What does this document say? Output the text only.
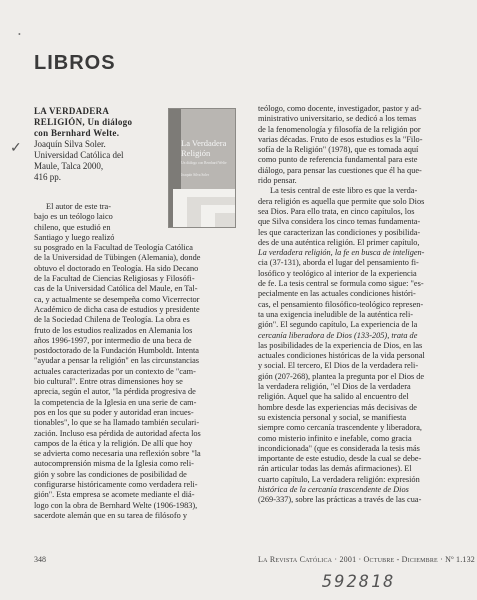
•
LIBROS
✓
LA VERDADERA
RELIGIÓN, Un diálogo
con Bernhard Welte.
Joaquín Silva Soler.
Universidad Católica del
Maule, Talca 2000,
416 pp.
La Verdadera
Religión
Un diálogo con Bernhard Welte
Joaquín Silva Soler
El autor de este tra-
bajo es un teólogo laico
chileno, que estudió en
Santiago y luego realizó
su posgrado en la Facultad de Teología Católica
de la Universidad de Tübingen (Alemania), donde
obtuvo el doctorado en Teología. Ha sido Decano
de la Facultad de Ciencias Religiosas y Filosófi-
cas de la Universidad Católica del Maule, en Tal-
ca, y actualmente se desempeña como Vicerrector
Académico de dicha casa de estudios y presidente
de la Sociedad Chilena de Teología. La obra es
fruto de los estudios realizados en Alemania los
años 1996-1997, por intermedio de una beca de
postdoctorado de la Fundación Humboldt. Intenta
"ayudar a pensar la religión" en las circunstancias
actuales caracterizadas por un contexto de "cam-
bio cultural". Entre otras dimensiones hoy se
aprecia, según el autor, "la pérdida progresiva de
la competencia de la Iglesia en una serie de cam-
pos en los que su poder y autoridad eran incues-
tionables", lo que se ha llamado también seculari-
zación. Incluso esa pérdida de autoridad afecta los
campos de la ética y la religión. De allí que hoy
se advierta como necesaria una reflexión sobre "la
autocomprensión misma de la Iglesia como reli-
gión y sobre las condiciones de posibilidad de
configurarse históricamente como verdadera reli-
gión". Esta empresa se acomete mediante el diá-
logo con la obra de Bernhard Welte (1906-1983),
sacerdote alemán que en su tarea de filósofo y
teólogo, como docente, investigador, pastor y ad-
ministrativo universitario, se dedicó a los temas
de la fenomenología y filosofía de la religión por
varias décadas. Fruto de esos estudios es la "Filo-
sofía de la Religión" (1978), que es tomada aquí
como punto de referencia fundamental para este
diálogo, para pensar las cuestiones que él ha que-
rido pensar.
La tesis central de este libro es que la verda-
dera religión es aquella que permite que solo Dios
sea Dios. Para ello trata, en cinco capítulos, los
que Silva considera los cinco temas fundamenta-
les que caracterizan las condiciones y posibilida-
des de una auténtica religión. El primer capítulo,
La verdadera religión, la fe en busca de inteligen-
cia (37-131), aborda el lugar del pensamiento fi-
losófico y teológico al interior de la experiencia
de fe. La tesis central se formula como sigue: "es-
pecialmente en las actuales condiciones históri-
cas, el pensamiento filosófico-teológico represen-
ta una exigencia ineludible de la auténtica reli-
gión". El segundo capítulo, La experiencia de la
cercanía liberadora de Dios (133-205), trata de
las posibilidades de la experiencia de Dios, en las
actuales condiciones históricas de la vida personal
y social. El tercero, El Dios de la verdadera reli-
gión (207-268), plantea la pregunta por el Dios de
la verdadera religión, "el Dios de la verdadera
religión. Aquel que ha salido al encuentro del
hombre desde las experiencias más decisivas de
su existencia personal y social, se manifiesta
siempre como cercanía trascendente y liberadora,
como misterio infinito e inefable, como gracia
incondicionada" (que es considerada la tesis más
importante de este estudio, desde la cual se debe-
rán articular todas las demás afirmaciones). El
cuarto capítulo, La verdadera religión: expresión
histórica de la cercanía trascendente de Dios
(269-337), sobre las prácticas a través de las cua-
348	La Revista Católica · 2001 · Octubre - Diciembre · Nº 1.132
592818
